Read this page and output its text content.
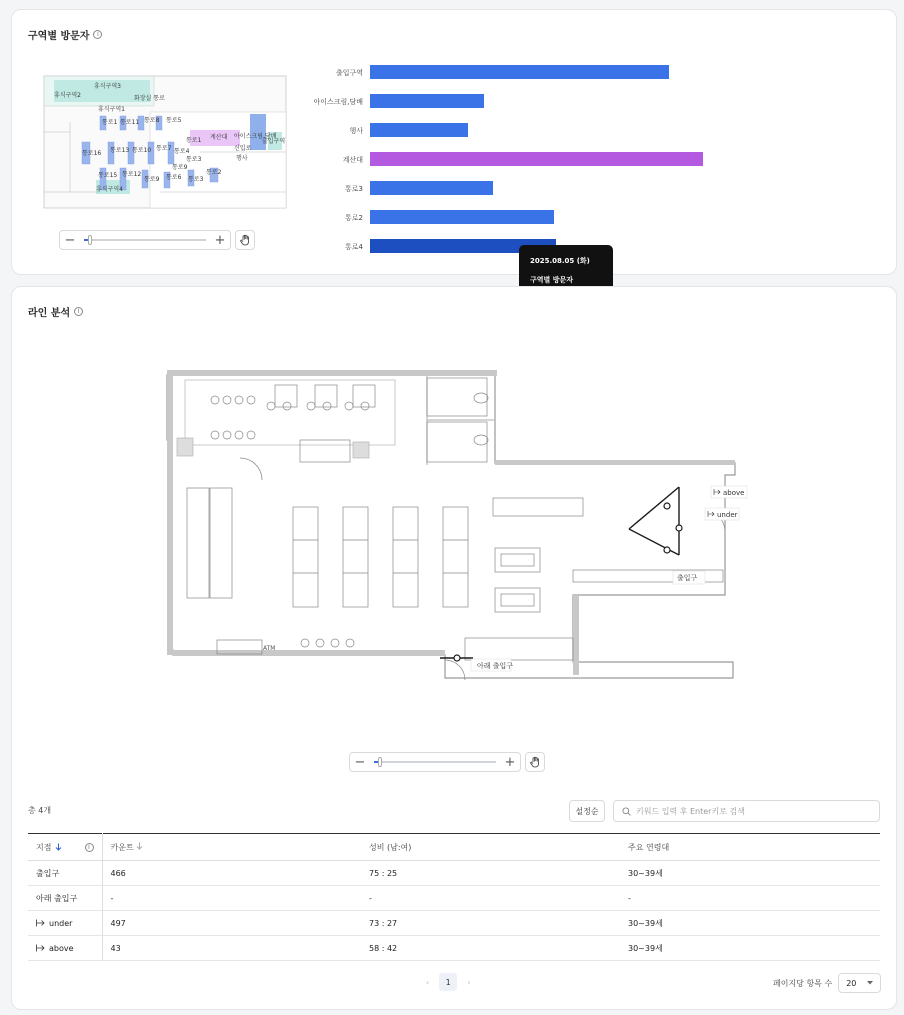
구역별 방문자	i
휴식구역3
휴식구역2	화장실 통로
휴식구역1
통로1 통로11 통로8 통로5
통로1 계산대 아이스크림,담배
출입구역
신입로
행사
통로16 통로13 통로10 통로7 통로4
통로3
통로9
통로2
통로15 통로12
통로9 통로6 통로3
휴식구역4
−	+
출입구역
아이스크림,담배
행사
계산대
통로3
통로2
통로4
2025.08.05 (화)
구역별 방문자
라인 분석	i
ATM
above
under
출입구
아래 출입구
−	+
총 4개	설정순
키워드 입력 후 Enter키로 검색
지점 i	카운트	성비 (남:여)	주요 연령대
출입구	466	75 : 25	30~39세
아래 출입구	-	-	-
under	497	73 : 27	30~39세
above	43	58 : 42	30~39세
‹	1	›	페이지당 항목 수 20
